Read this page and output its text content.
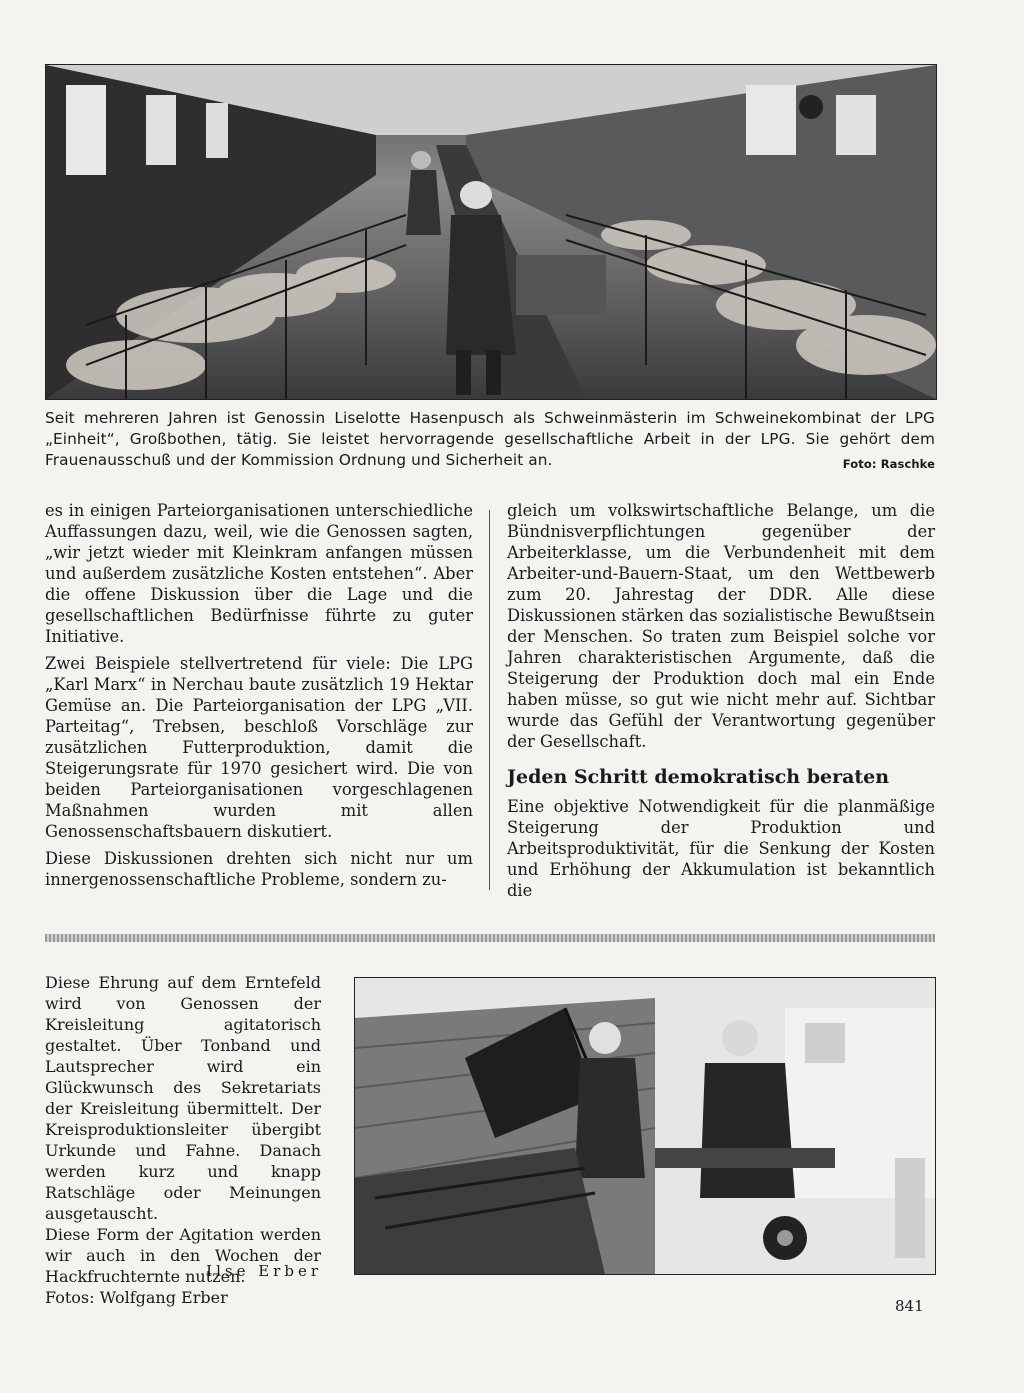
Seit mehreren Jahren ist Genossin Liselotte Hasenpusch als Schweinmästerin im Schweinekombinat der LPG „Einheit“, Großbothen, tätig. Sie leistet hervorragende gesellschaftliche Arbeit in der LPG. Sie gehört dem Frauenausschuß und der Kommission Ordnung und Sicherheit an.	Foto: Raschke

es in einigen Parteiorganisationen unterschiedliche Auffassungen dazu, weil, wie die Genossen sagten, „wir jetzt wieder mit Kleinkram anfangen müssen und außerdem zusätzliche Kosten entstehen“. Aber die offene Diskussion über die Lage und die gesellschaftlichen Bedürfnisse führte zu guter Initiative.

Zwei Beispiele stellvertretend für viele: Die LPG „Karl Marx“ in Nerchau baute zusätzlich 19 Hektar Gemüse an. Die Parteiorganisation der LPG „VII. Parteitag“, Trebsen, beschloß Vorschläge zur zusätzlichen Futterproduktion, damit die Steigerungsrate für 1970 gesichert wird. Die von beiden Parteiorganisationen vorgeschlagenen Maßnahmen wurden mit allen Genossenschaftsbauern diskutiert.

Diese Diskussionen drehten sich nicht nur um innergenossenschaftliche Probleme, sondern zu-

gleich um volkswirtschaftliche Belange, um die Bündnisverpflichtungen gegenüber der Arbeiterklasse, um die Verbundenheit mit dem Arbeiter-und-Bauern-Staat, um den Wettbewerb zum 20. Jahrestag der DDR. Alle diese Diskussionen stärken das sozialistische Bewußtsein der Menschen. So traten zum Beispiel solche vor Jahren charakteristischen Argumente, daß die Steigerung der Produktion doch mal ein Ende haben müsse, so gut wie nicht mehr auf. Sichtbar wurde das Gefühl der Verantwortung gegenüber der Gesellschaft.

Jeden Schritt demokratisch beraten

Eine objektive Notwendigkeit für die planmäßige Steigerung der Produktion und Arbeitsproduktivität, für die Senkung der Kosten und Erhöhung der Akkumulation ist bekanntlich die

Diese Ehrung auf dem Erntefeld wird von Genossen der Kreisleitung agitatorisch gestaltet. Über Tonband und Lautsprecher wird ein Glückwunsch des Sekretariats der Kreisleitung übermittelt. Der Kreisproduktionsleiter übergibt Urkunde und Fahne. Danach werden kurz und knapp Ratschläge oder Meinungen ausgetauscht.

Diese Form der Agitation werden wir auch in den Wochen der Hackfruchternte nutzen.

Fotos: Wolfgang Erber

Ilse Erber
841
